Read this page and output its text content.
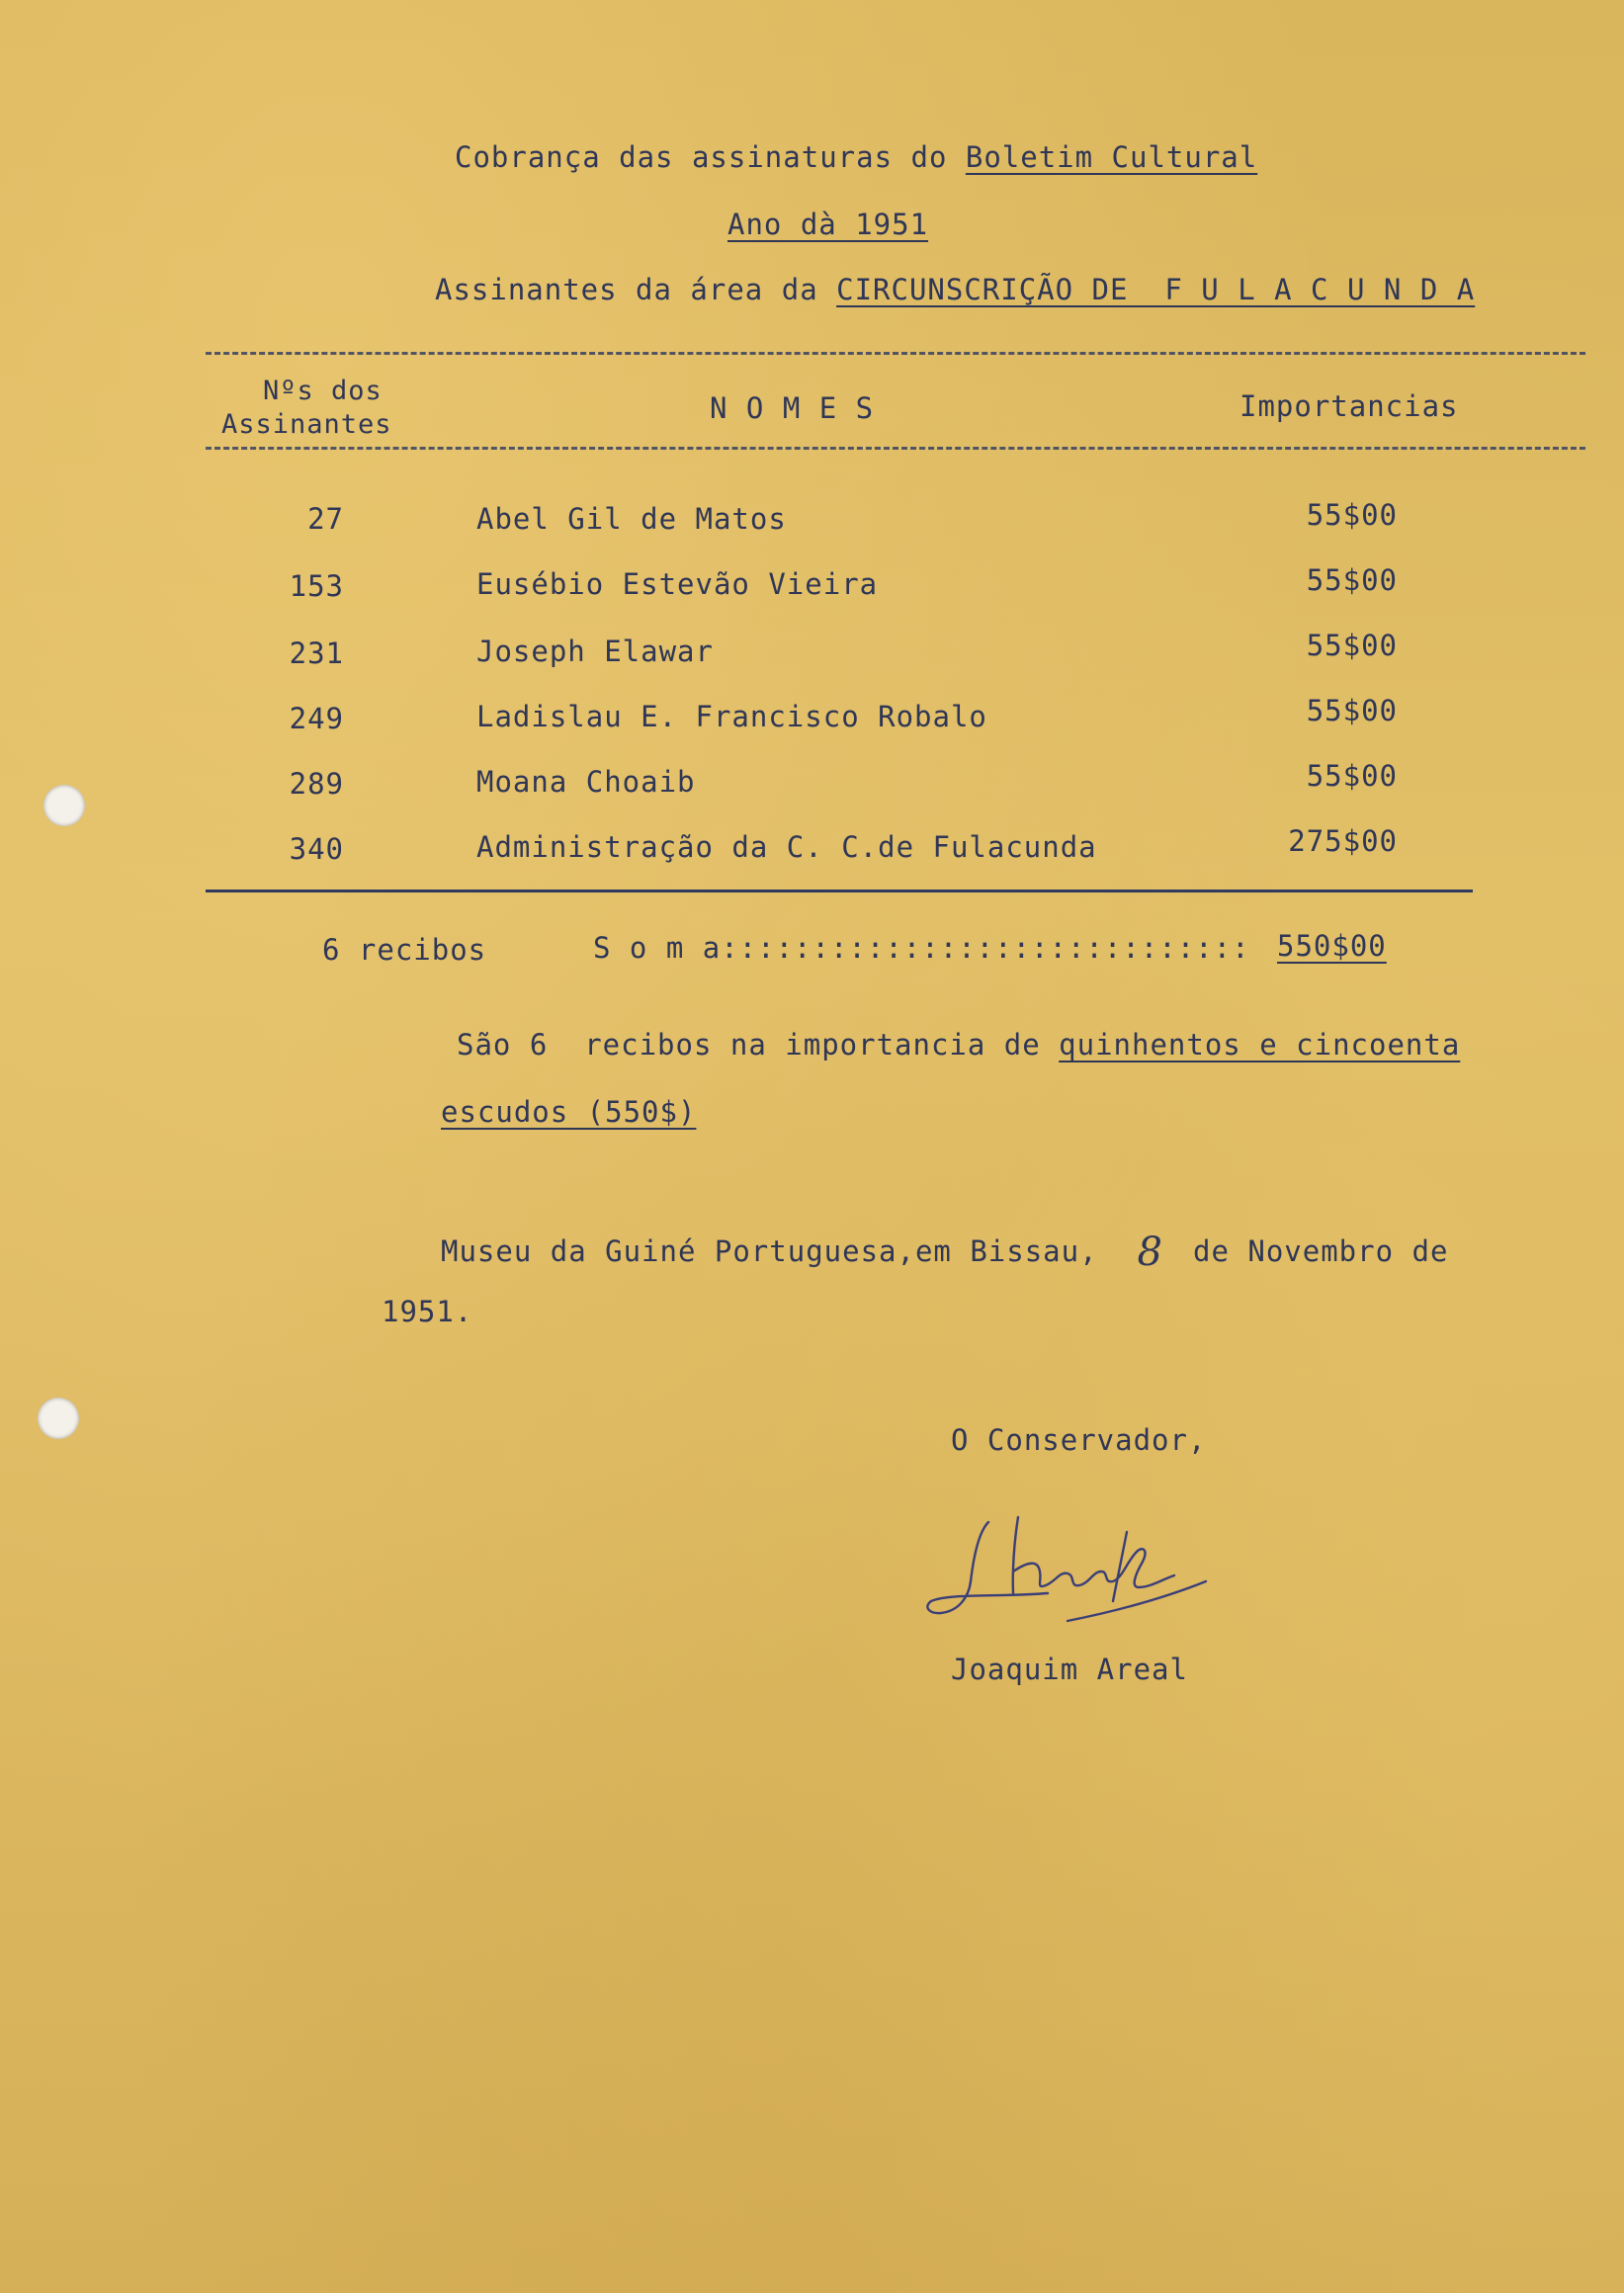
Cobrança das assinaturas do Boletim Cultural
Ano dà 1951
Assinantes da área da CIRCUNSCRIÇÃO DE  F U L A C U N D A
Nºs dos
Assinantes	N O M E S	Importancias
27	Abel Gil de Matos	55$00
153	Eusébio Estevão Vieira	55$00
231	Joseph Elawar	55$00
249	Ladislau E. Francisco Robalo	55$00
289	Moana Choaib	55$00
340	Administração da C. C.de Fulacunda	275$00
6 recibos	S o m a::::::::::::::::::::::::::::: 550$00
São 6  recibos na importancia de quinhentos e cincoenta
escudos (550$)
Museu da Guiné Portuguesa,em Bissau, 8 de Novembro de
1951.
O Conservador,
Joaquim Areal
